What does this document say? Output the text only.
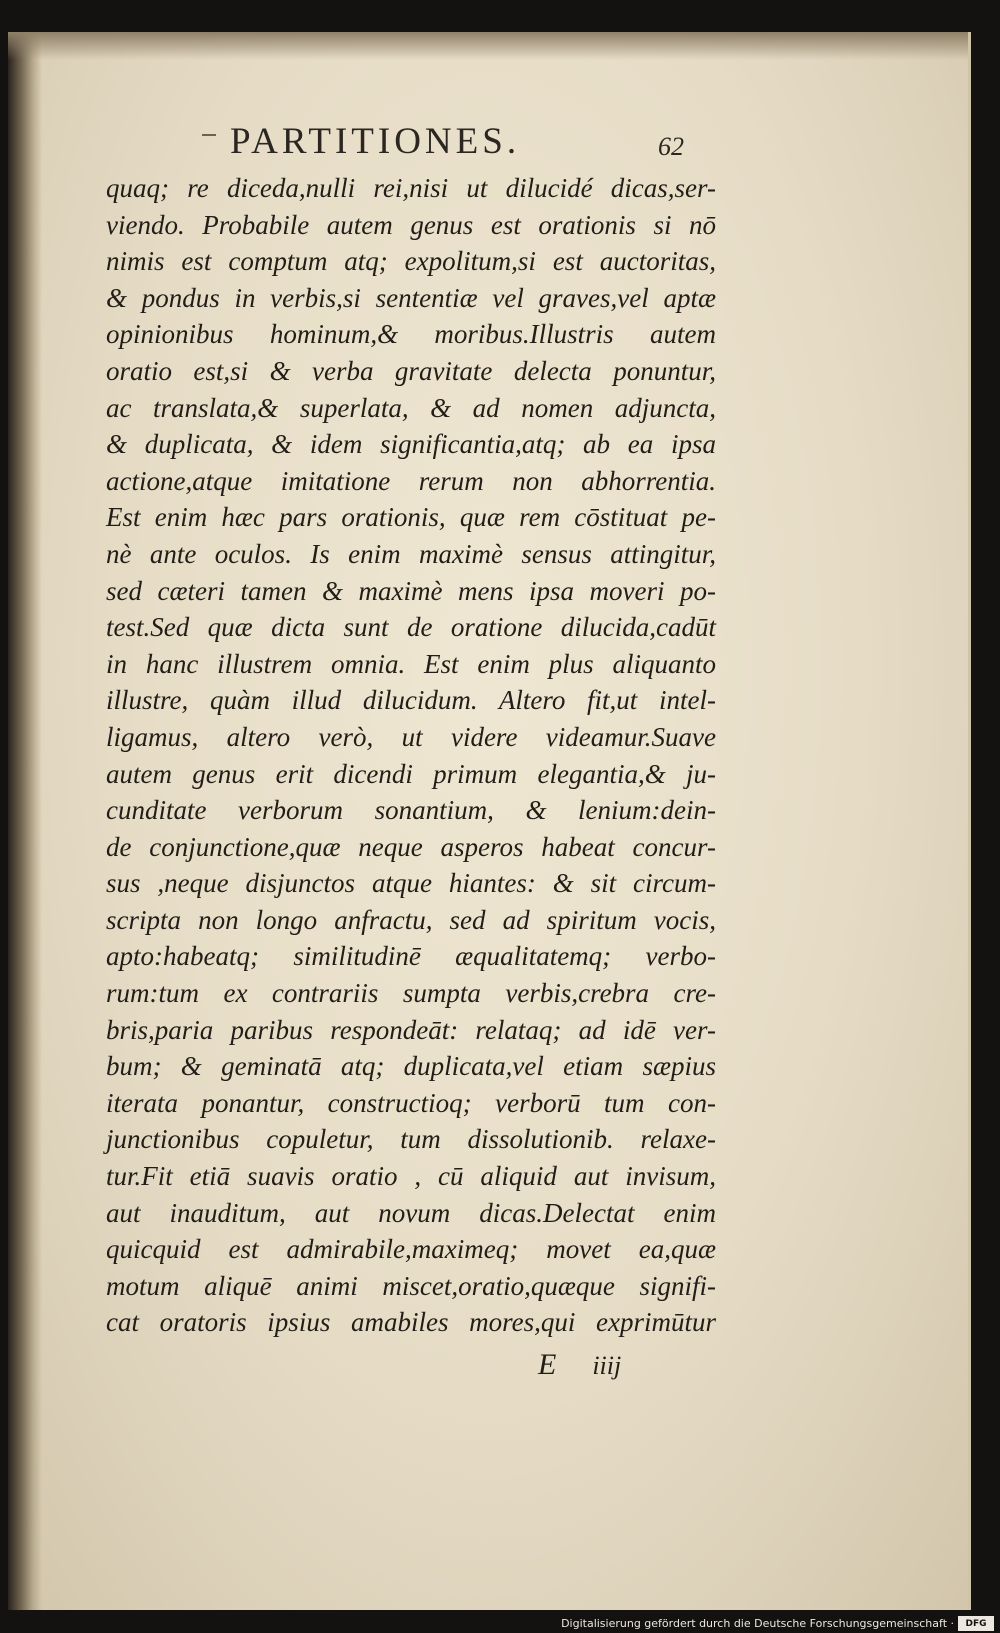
PARTITIONES.	62
quaq; re diceda,nulli rei,nisi ut dilucidé dicas,ser-
viendo. Probabile autem genus est orationis si nō
nimis est comptum atq; expolitum,si est auctoritas,
& pondus in verbis,si sententiæ vel graves,vel aptæ
opinionibus hominum,& moribus.Illustris autem
oratio est,si & verba gravitate delecta ponuntur,
ac translata,& superlata, & ad nomen adjuncta,
& duplicata, & idem significantia,atq; ab ea ipsa
actione,atque imitatione rerum non abhorrentia.
Est enim hæc pars orationis, quæ rem cōstituat pe-
nè ante oculos. Is enim maximè sensus attingitur,
sed cæteri tamen & maximè mens ipsa moveri po-
test.Sed quæ dicta sunt de oratione dilucida,cadūt
in hanc illustrem omnia. Est enim plus aliquanto
illustre, quàm illud dilucidum. Altero fit,ut intel-
ligamus, altero verò, ut videre videamur.Suave
autem genus erit dicendi primum elegantia,& ju-
cunditate verborum sonantium, & lenium:dein-
de conjunctione,quæ neque asperos habeat concur-
sus ,neque disjunctos atque hiantes: & sit circum-
scripta non longo anfractu, sed ad spiritum vocis,
apto:habeatq; similitudinē æqualitatemq; verbo-
rum:tum ex contrariis sumpta verbis,crebra cre-
bris,paria paribus respondeāt: relataq; ad idē ver-
bum; & geminatā atq; duplicata,vel etiam sæpius
iterata ponantur, constructioq; verborū tum con-
junctionibus copuletur, tum dissolutionib. relaxe-
tur.Fit etiā suavis oratio , cū aliquid aut invisum,
aut inauditum, aut novum dicas.Delectat enim
quicquid est admirabile,maximeq; movet ea,quæ
motum aliquē animi miscet,oratio,quæque signifi-
cat oratoris ipsius amabiles mores,qui exprimūtur
E iiij
Digitalisierung gefördert durch die Deutsche Forschungsgemeinschaft ·	DFG
